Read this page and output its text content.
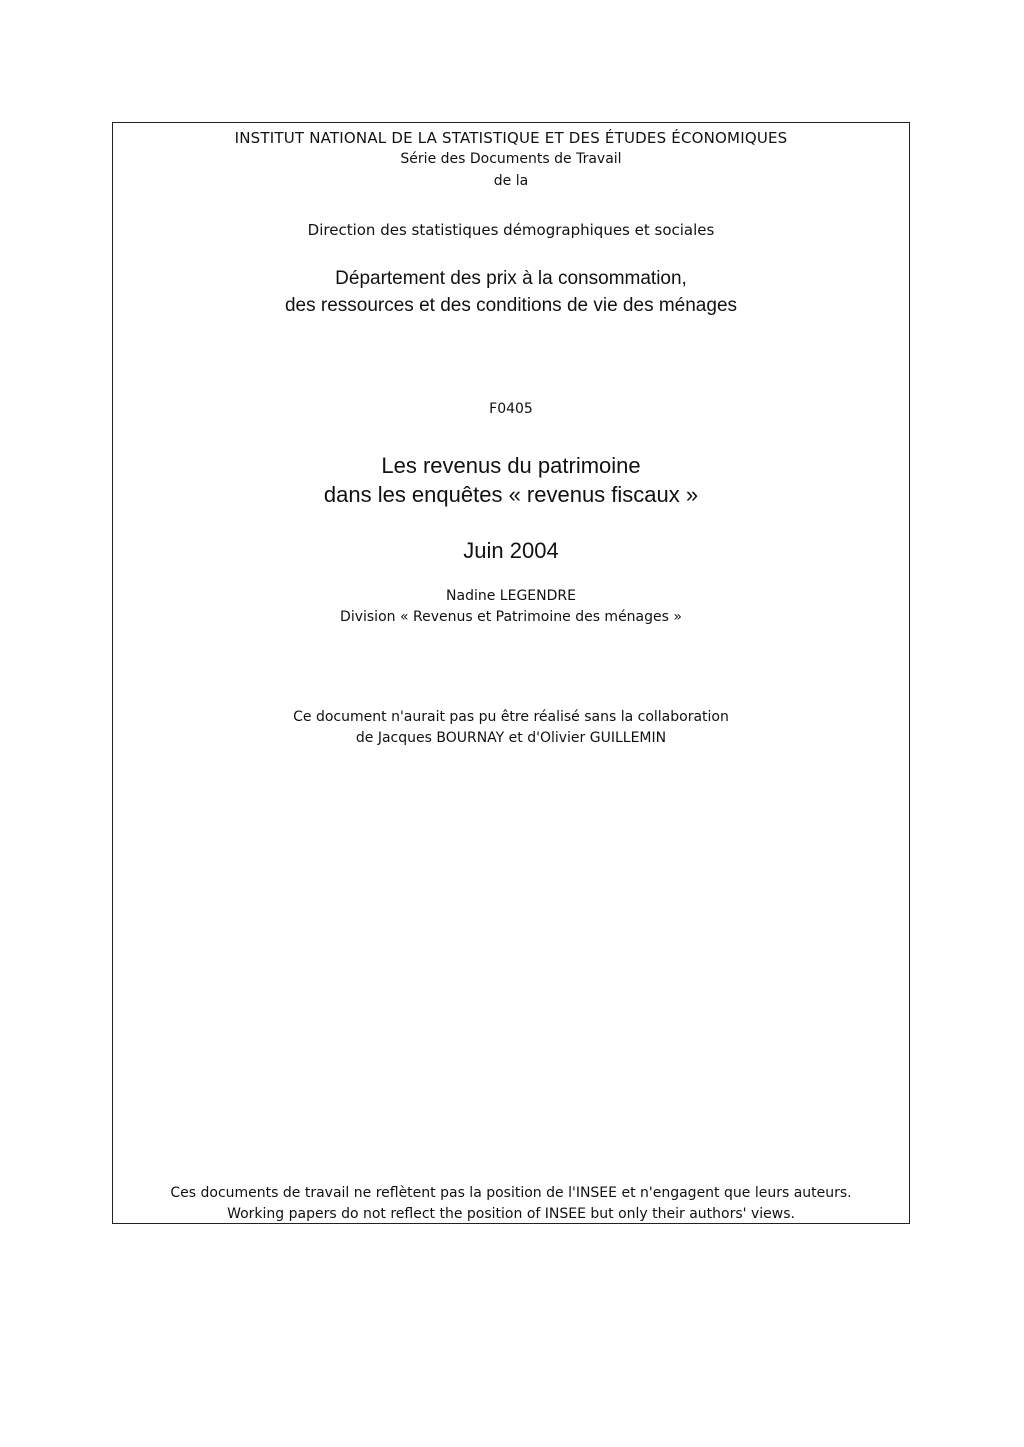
INSTITUT NATIONAL DE LA STATISTIQUE ET DES ÉTUDES ÉCONOMIQUES
Série des Documents de Travail
de la
Direction des statistiques démographiques et sociales
Département des prix à la consommation,
des ressources et des conditions de vie des ménages
F0405
Les revenus du patrimoine
dans les enquêtes « revenus fiscaux »
Juin 2004
Nadine LEGENDRE
Division « Revenus et Patrimoine des ménages »
Ce document n'aurait pas pu être réalisé sans la collaboration
de Jacques BOURNAY et d'Olivier GUILLEMIN
Ces documents de travail ne reflètent pas la position de l'INSEE et n'engagent que leurs auteurs.
Working papers do not reflect the position of INSEE but only their authors' views.
